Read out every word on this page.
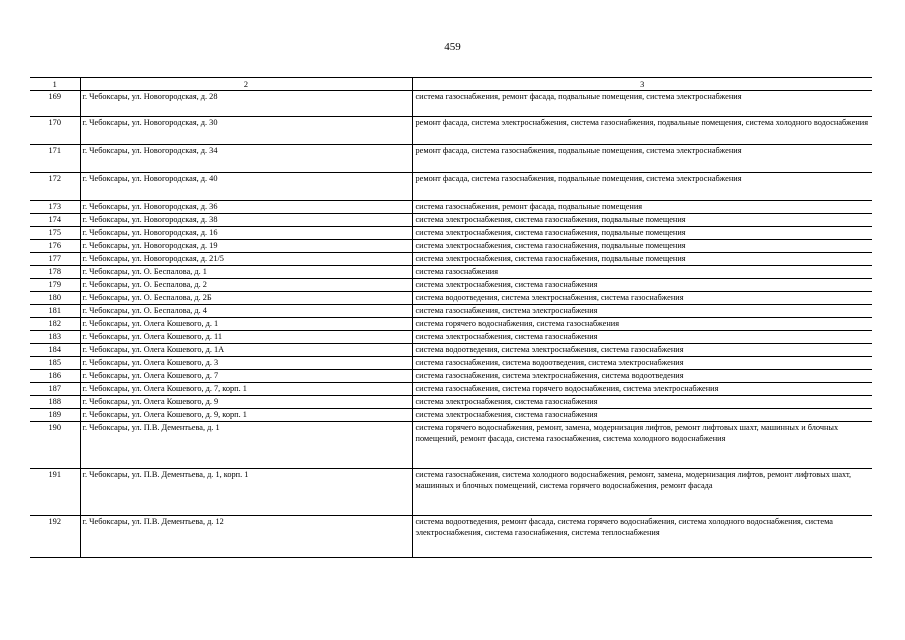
459
1	2	3
169	г. Чебоксары, ул. Новогородская, д. 28	система газоснабжения, ремонт фасада, подвальные помещения, система электроснабжения
170	г. Чебоксары, ул. Новогородская, д. 30	ремонт фасада, система электроснабжения, система газоснабжения, подвальные помещения, система холодного водоснабжения
171	г. Чебоксары, ул. Новогородская, д. 34	ремонт фасада, система газоснабжения, подвальные помещения, система электроснабжения
172	г. Чебоксары, ул. Новогородская, д. 40	ремонт фасада, система газоснабжения, подвальные помещения, система электроснабжения
173	г. Чебоксары, ул. Новогородская, д. 36	система газоснабжения, ремонт фасада, подвальные помещения
174	г. Чебоксары, ул. Новогородская, д. 38	система электроснабжения, система газоснабжения, подвальные помещения
175	г. Чебоксары, ул. Новогородская, д. 16	система электроснабжения, система газоснабжения, подвальные помещения
176	г. Чебоксары, ул. Новогородская, д. 19	система электроснабжения, система газоснабжения, подвальные помещения
177	г. Чебоксары, ул. Новогородская, д. 21/5	система электроснабжения, система газоснабжения, подвальные помещения
178	г. Чебоксары, ул. О. Беспалова, д. 1	система газоснабжения
179	г. Чебоксары, ул. О. Беспалова, д. 2	система электроснабжения, система газоснабжения
180	г. Чебоксары, ул. О. Беспалова, д. 2Б	система водоотведения, система электроснабжения, система газоснабжения
181	г. Чебоксары, ул. О. Беспалова, д. 4	система газоснабжения, система электроснабжения
182	г. Чебоксары, ул. Олега Кошевого, д. 1	система горячего водоснабжения, система газоснабжения
183	г. Чебоксары, ул. Олега Кошевого, д. 11	система электроснабжения, система газоснабжения
184	г. Чебоксары, ул. Олега Кошевого, д. 1А	система водоотведения, система электроснабжения, система газоснабжения
185	г. Чебоксары, ул. Олега Кошевого, д. 3	система газоснабжения, система водоотведения, система электроснабжения
186	г. Чебоксары, ул. Олега Кошевого, д. 7	система газоснабжения, система электроснабжения, система водоотведения
187	г. Чебоксары, ул. Олега Кошевого, д. 7, корп. 1	система газоснабжения, система горячего водоснабжения, система электроснабжения
188	г. Чебоксары, ул. Олега Кошевого, д. 9	система электроснабжения, система газоснабжения
189	г. Чебоксары, ул. Олега Кошевого, д. 9, корп. 1	система электроснабжения, система газоснабжения
190	г. Чебоксары, ул. П.В. Дементьева, д. 1	система горячего водоснабжения, ремонт, замена, модернизация лифтов, ремонт лифтовых шахт, машинных и блочных помещений, ремонт фасада, система газоснабжения, система холодного водоснабжения
191	г. Чебоксары, ул. П.В. Дементьева, д. 1, корп. 1	система газоснабжения, система холодного водоснабжения, ремонт, замена, модернизация лифтов, ремонт лифтовых шахт, машинных и блочных помещений, система горячего водоснабжения, ремонт фасада
192	г. Чебоксары, ул. П.В. Дементьева, д. 12	система водоотведения, ремонт фасада, система горячего водоснабжения, система холодного водоснабжения, система электроснабжения, система газоснабжения, система теплоснабжения
